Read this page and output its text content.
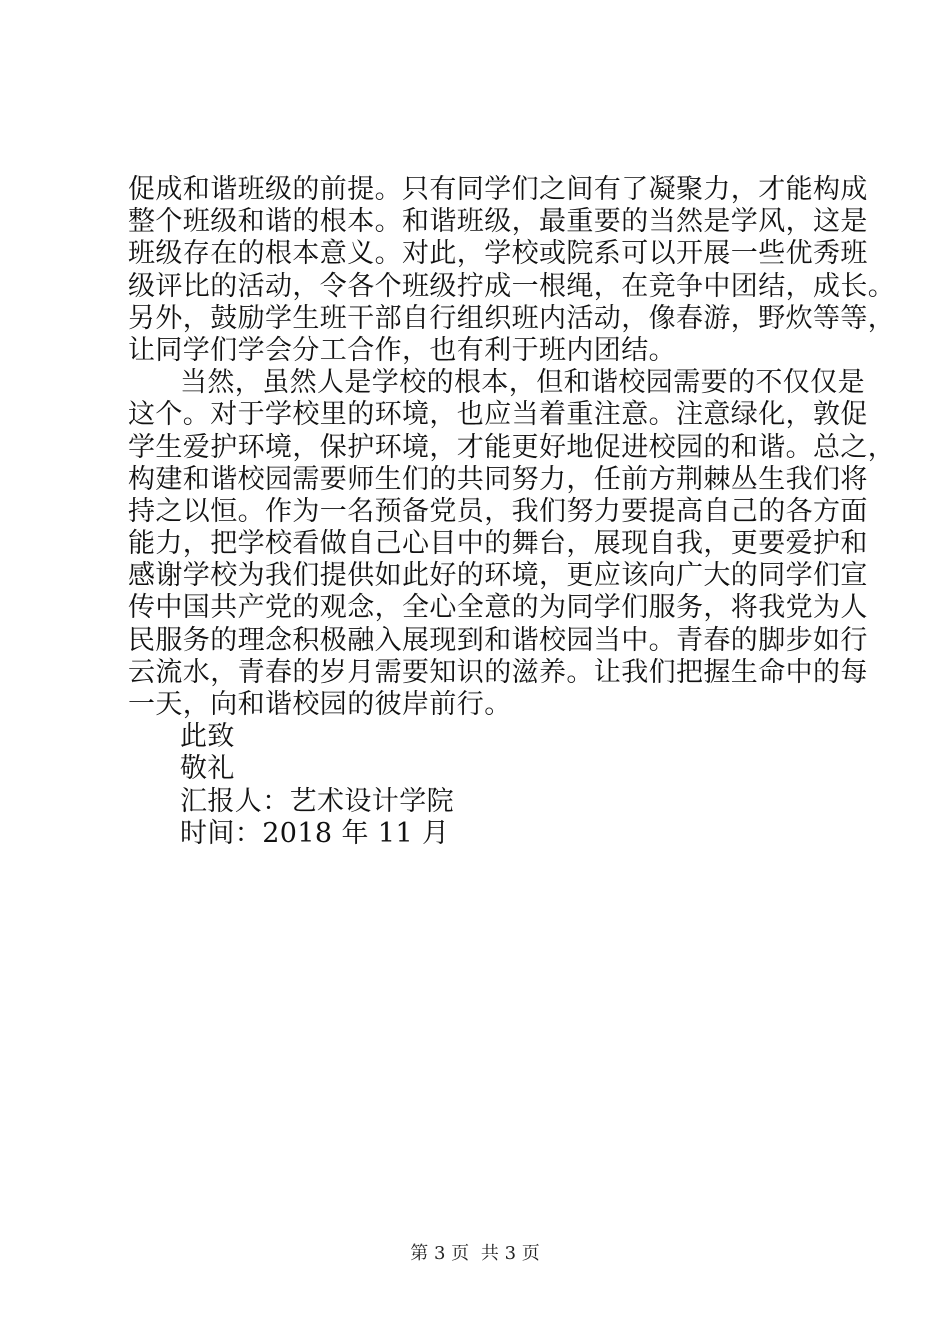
促成和谐班级的前提。只有同学们之间有了凝聚力，才能构成
整个班级和谐的根本。和谐班级，最重要的当然是学风，这是
班级存在的根本意义。对此，学校或院系可以开展一些优秀班
级评比的活动，令各个班级拧成一根绳，在竞争中团结，成长。
另外，鼓励学生班干部自行组织班内活动，像春游，野炊等等，
让同学们学会分工合作，也有利于班内团结。
当然，虽然人是学校的根本，但和谐校园需要的不仅仅是
这个。对于学校里的环境，也应当着重注意。注意绿化，敦促
学生爱护环境，保护环境，才能更好地促进校园的和谐。总之，
构建和谐校园需要师生们的共同努力，任前方荆棘丛生我们将
持之以恒。作为一名预备党员，我们努力要提高自己的各方面
能力，把学校看做自己心目中的舞台，展现自我，更要爱护和
感谢学校为我们提供如此好的环境，更应该向广大的同学们宣
传中国共产党的观念，全心全意的为同学们服务，将我党为人
民服务的理念积极融入展现到和谐校园当中。青春的脚步如行
云流水，青春的岁月需要知识的滋养。让我们把握生命中的每
一天，向和谐校园的彼岸前行。
此致
敬礼
汇报人：艺术设计学院
时间：2018 年 11 月
第 3 页 共 3 页
